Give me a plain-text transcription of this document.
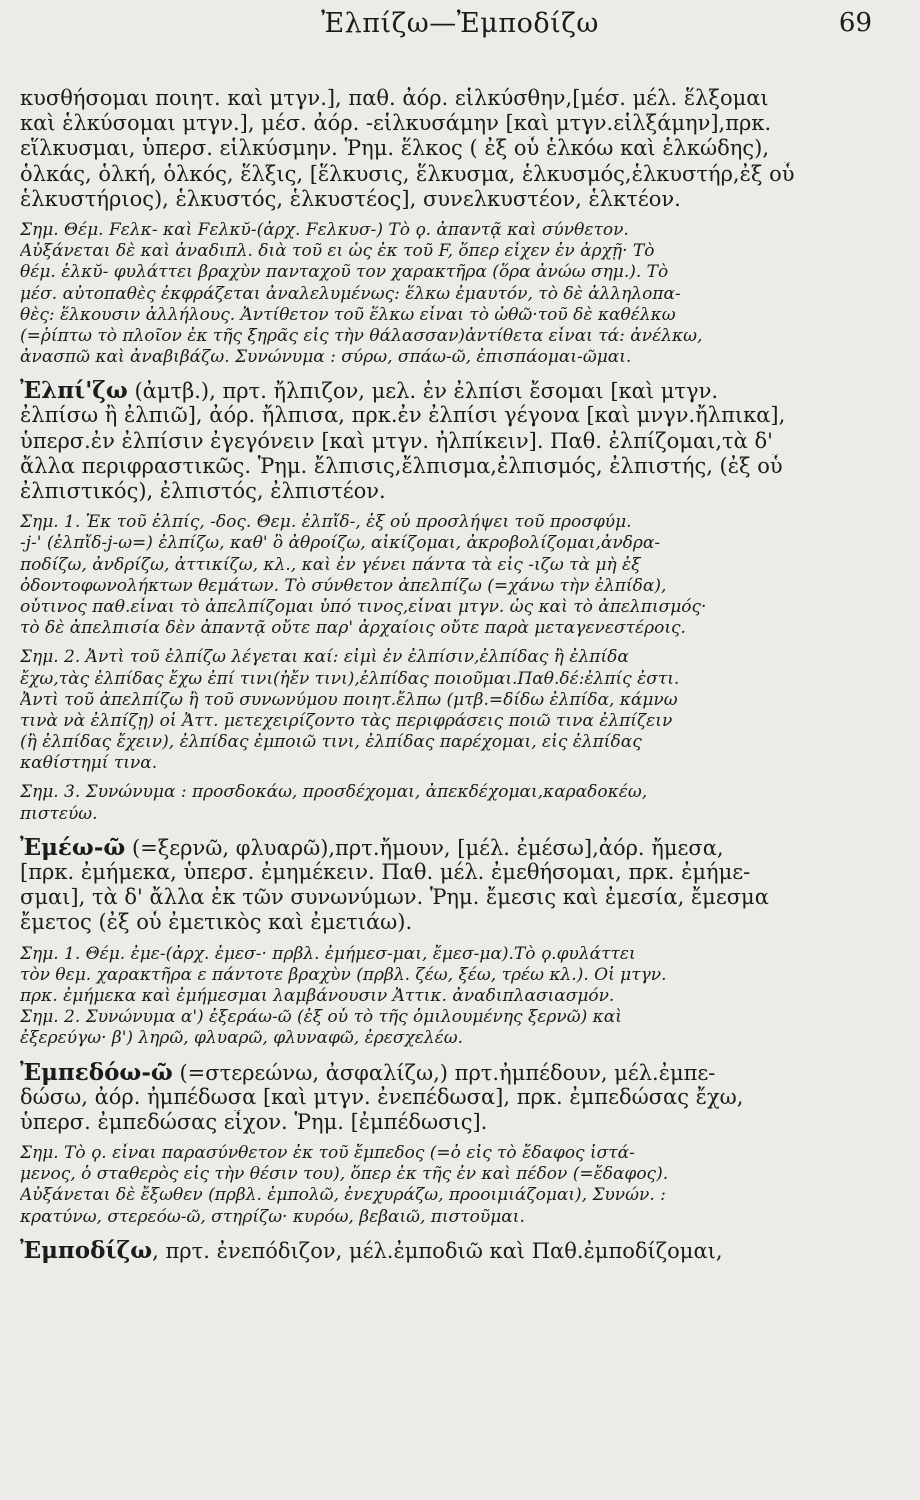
Ἐλπίζω—Ἐμποδίζω	69
κυσθήσομαι ποιητ. καὶ μτγν.], παθ. ἀόρ. εἱλκύσθην,[μέσ. μέλ. ἕλξομαι
καὶ ἑλκύσομαι μτγν.], μέσ. ἀόρ. -εἱλκυσάμην [καὶ μτγν.εἱλξάμην],πρκ.
εἵλκυσμαι, ὑπερσ. εἱλκύσμην. Ῥημ. ἕλκος ( ἐξ οὗ ἑλκόω καὶ ἑλκώδης),
ὁλκάς, ὁλκή, ὁλκός, ἕλξις, [ἕλκυσις, ἕλκυσμα, ἑλκυσμός,ἑλκυστήρ,ἐξ οὗ
ἑλκυστήριος), ἑλκυστός, ἑλκυστέος], συνελκυστέον, ἑλκτέον.
Σημ. Θέμ. Fελκ- καὶ Fελκῠ-(ἀρχ. Fελκυσ-) Τὸ ϙ. ἀπαντᾷ καὶ σύνθετον.
Αὐξάνεται δὲ καὶ ἀναδιπλ. διὰ τοῦ ει ὡς ἐκ τοῦ F, ὅπερ εἶχεν ἐν ἀρχῇ· Τὸ
θέμ. ἑλκῠ- φυλάττει βραχὺν πανταχοῦ τον χαρακτῆρα (ὅρα ἀνώω σημ.). Τὸ
μέσ. αὐτοπαθὲς ἐκφράζεται ἀναλελυμένως: ἕλκω ἐμαυτόν, τὸ δὲ ἀλληλοπα-
θὲς: ἕλκουσιν ἀλλήλους. Ἀντίθετον τοῦ ἕλκω εἶναι τὸ ὠθῶ·τοῦ δὲ καθέλκω
(=ῥίπτω τὸ πλοῖον ἐκ τῆς ξηρᾶς εἰς τὴν θάλασσαν)ἀντίθετα εἶναι τά: ἀνέλκω,
ἀνασπῶ καὶ ἀναβιβάζω. Συνώνυμα : σύρω, σπάω-ῶ, ἐπισπάομαι-ῶμαι.
Ἐλπί'ζω (ἀμτβ.), πρτ. ἤλπιζον, μελ. ἐν ἐλπίσι ἔσομαι [καὶ μτγν.
ἐλπίσω ἢ ἐλπιῶ], ἀόρ. ἤλπισα, πρκ.ἐν ἐλπίσι γέγονα [καὶ μνγν.ἤλπικα],
ὑπερσ.ἐν ἐλπίσιν ἐγεγόνειν [καὶ μτγν. ἠλπίκειν]. Παθ. ἐλπίζομαι,τὰ δ'
ἄλλα περιφραστικῶς. Ῥημ. ἔλπισις,ἔλπισμα,ἐλπισμός, ἐλπιστής, (ἐξ οὗ
ἐλπιστικός), ἐλπιστός, ἐλπιστέον.
Σημ. 1. Ἐκ τοῦ ἐλπίς, -δος. Θεμ. ἐλπἴδ-, ἐξ οὗ προσλήψει τοῦ προσφύμ.
-j-' (ἐλπἴδ-j-ω=) ἐλπίζω, καθ' ὃ ἀθροίζω, αἰκίζομαι, ἀκροβολίζομαι,ἀνδρα-
ποδίζω, ἀνδρίζω, ἀττικίζω, κλ., καὶ ἐν γένει πάντα τὰ εἰς -ιζω τὰ μὴ ἐξ
ὀδοντοφωνολήκτων θεμάτων. Τὸ σύνθετον ἀπελπίζω (=χάνω τὴν ἐλπίδα),
οὗτινος παθ.εἶναι τὸ ἀπελπίζομαι ὑπό τινος,εἶναι μτγν. ὡς καὶ τὸ ἀπελπισμός·
τὸ δὲ ἀπελπισία δὲν ἀπαντᾷ οὔτε παρ' ἀρχαίοις οὔτε παρὰ μεταγενεστέροις.
Σημ. 2. Ἀντὶ τοῦ ἐλπίζω λέγεται καί: εἰμὶ ἐν ἐλπίσιν,ἐλπίδας ἢ ἐλπίδα
ἔχω,τὰς ἐλπίδας ἔχω ἐπί τινι(ἠἔν τινι),ἐλπίδας ποιοῦμαι.Παθ.δέ:ἐλπίς ἐστι.
Ἀντὶ τοῦ ἀπελπίζω ἢ τοῦ συνωνύμου ποιητ.ἔλπω (μτβ.=δίδω ἐλπίδα, κάμνω
τινὰ νὰ ἐλπίζῃ) οἱ Ἀττ. μετεχειρίζοντο τὰς περιφράσεις ποιῶ τινα ἐλπίζειν
(ἢ ἐλπίδας ἔχειν), ἐλπίδας ἐμποιῶ τινι, ἐλπίδας παρέχομαι, εἰς ἐλπίδας
καθίστημί τινα.
Σημ. 3. Συνώνυμα : προσδοκάω, προσδέχομαι, ἀπεκδέχομαι,καραδοκέω,
πιστεύω.
Ἐμέω-ῶ (=ξερνῶ, φλυαρῶ),πρτ.ἤμουν, [μέλ. ἐμέσω],ἀόρ. ἤμεσα,
[πρκ. ἐμήμεκα, ὑπερσ. ἐμημέκειν. Παθ. μέλ. ἐμεθήσομαι, πρκ. ἐμήμε-
σμαι], τὰ δ' ἄλλα ἐκ τῶν συνωνύμων. Ῥημ. ἔμεσις καὶ ἐμεσία, ἔμεσμα
ἔμετος (ἐξ οὗ ἐμετικὸς καὶ ἐμετιάω).
Σημ. 1. Θέμ. ἐμε-(ἀρχ. ἐμεσ-· πρβλ. ἐμήμεσ-μαι, ἔμεσ-μα).Τὸ ϙ.φυλάττει
τὸν θεμ. χαρακτῆρα ε πάντοτε βραχὺν (πρβλ. ζέω, ξέω, τρέω κλ.). Οἱ μτγν.
πρκ. ἐμήμεκα καὶ ἐμήμεσμαι λαμβάνουσιν Ἀττικ. ἀναδιπλασιασμόν.
Σημ. 2. Συνώνυμα α') ἐξεράω-ῶ (ἐξ οὗ τὸ τῆς ὁμιλουμένης ξερνῶ) καὶ
ἐξερεύγω· β') ληρῶ, φλυαρῶ, φλυναφῶ, ἐρεσχελέω.
Ἐμπεδόω-ῶ (=στερεώνω, ἀσφαλίζω,) πρτ.ἠμπέδουν, μέλ.ἐμπε-
δώσω, ἀόρ. ἠμπέδωσα [καὶ μτγν. ἐνεπέδωσα], πρκ. ἐμπεδώσας ἔχω,
ὑπερσ. ἐμπεδώσας εἶχον. Ῥημ. [ἐμπέδωσις].
Σημ. Τὸ ϙ. εἶναι παρασύνθετον ἐκ τοῦ ἔμπεδος (=ὁ εἰς τὸ ἔδαφος ἱστά-
μενος, ὁ σταθερὸς εἰς τὴν θέσιν του), ὅπερ ἐκ τῆς ἐν καὶ πέδον (=ἔδαφος).
Αὐξάνεται δὲ ἔξωθεν (πρβλ. ἐμπολῶ, ἐνεχυράζω, προοιμιάζομαι), Συνών. :
κρατύνω, στερεόω-ῶ, στηρίζω· κυρόω, βεβαιῶ, πιστοῦμαι.
Ἐμποδίζω, πρτ. ἐνεπόδιζον, μέλ.ἐμποδιῶ καὶ Παθ.ἐμποδίζομαι,
